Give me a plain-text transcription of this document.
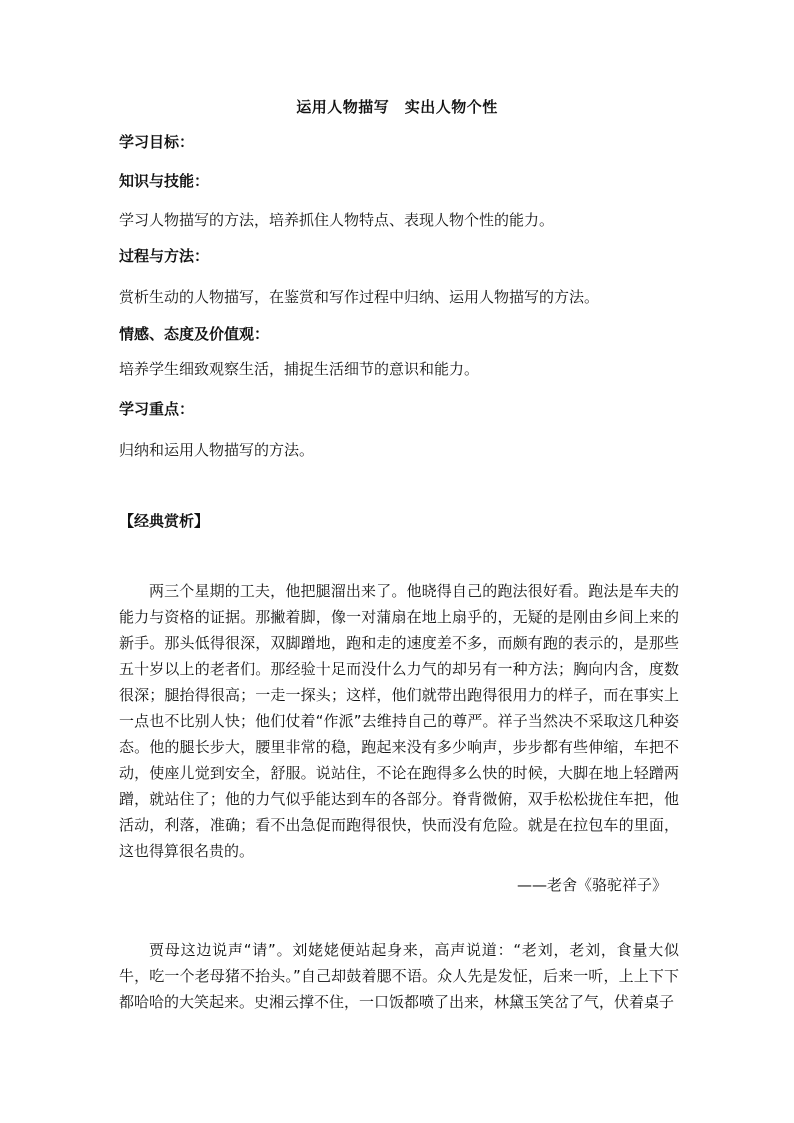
运用人物描写　实出人物个性
学习目标：
知识与技能：
学习人物描写的方法，培养抓住人物特点、表现人物个性的能力。
过程与方法：
赏析生动的人物描写，在鉴赏和写作过程中归纳、运用人物描写的方法。
情感、态度及价值观：
培养学生细致观察生活，捕捉生活细节的意识和能力。
学习重点：
归纳和运用人物描写的方法。
【经典赏析】

两三个星期的工夫，他把腿溜出来了。他晓得自己的跑法很好看。跑法是车夫的能力与资格的证据。那撇着脚，像一对蒲扇在地上扇乎的，无疑的是刚由乡间上来的新手。那头低得很深，双脚蹭地，跑和走的速度差不多，而颇有跑的表示的，是那些五十岁以上的老者们。那经验十足而没什么力气的却另有一种方法；胸向内含，度数很深；腿抬得很高；一走一探头；这样，他们就带出跑得很用力的样子，而在事实上一点也不比别人快；他们仗着“作派”去维持自己的尊严。祥子当然决不采取这几种姿态。他的腿长步大，腰里非常的稳，跑起来没有多少响声，步步都有些伸缩，车把不动，使座儿觉到安全，舒服。说站住，不论在跑得多么快的时候，大脚在地上轻蹭两蹭，就站住了；他的力气似乎能达到车的各部分。脊背微俯，双手松松拢住车把，他活动，利落，准确；看不出急促而跑得很快，快而没有危险。就是在拉包车的里面，这也得算很名贵的。

——老舍《骆驼祥子》

贾母这边说声“请”。刘姥姥便站起身来，高声说道：“老刘，老刘，食量大似牛，吃一个老母猪不抬头。”自己却鼓着腮不语。众人先是发怔，后来一听，上上下下都哈哈的大笑起来。史湘云撑不住，一口饭都喷了出来，林黛玉笑岔了气，伏着桌子
